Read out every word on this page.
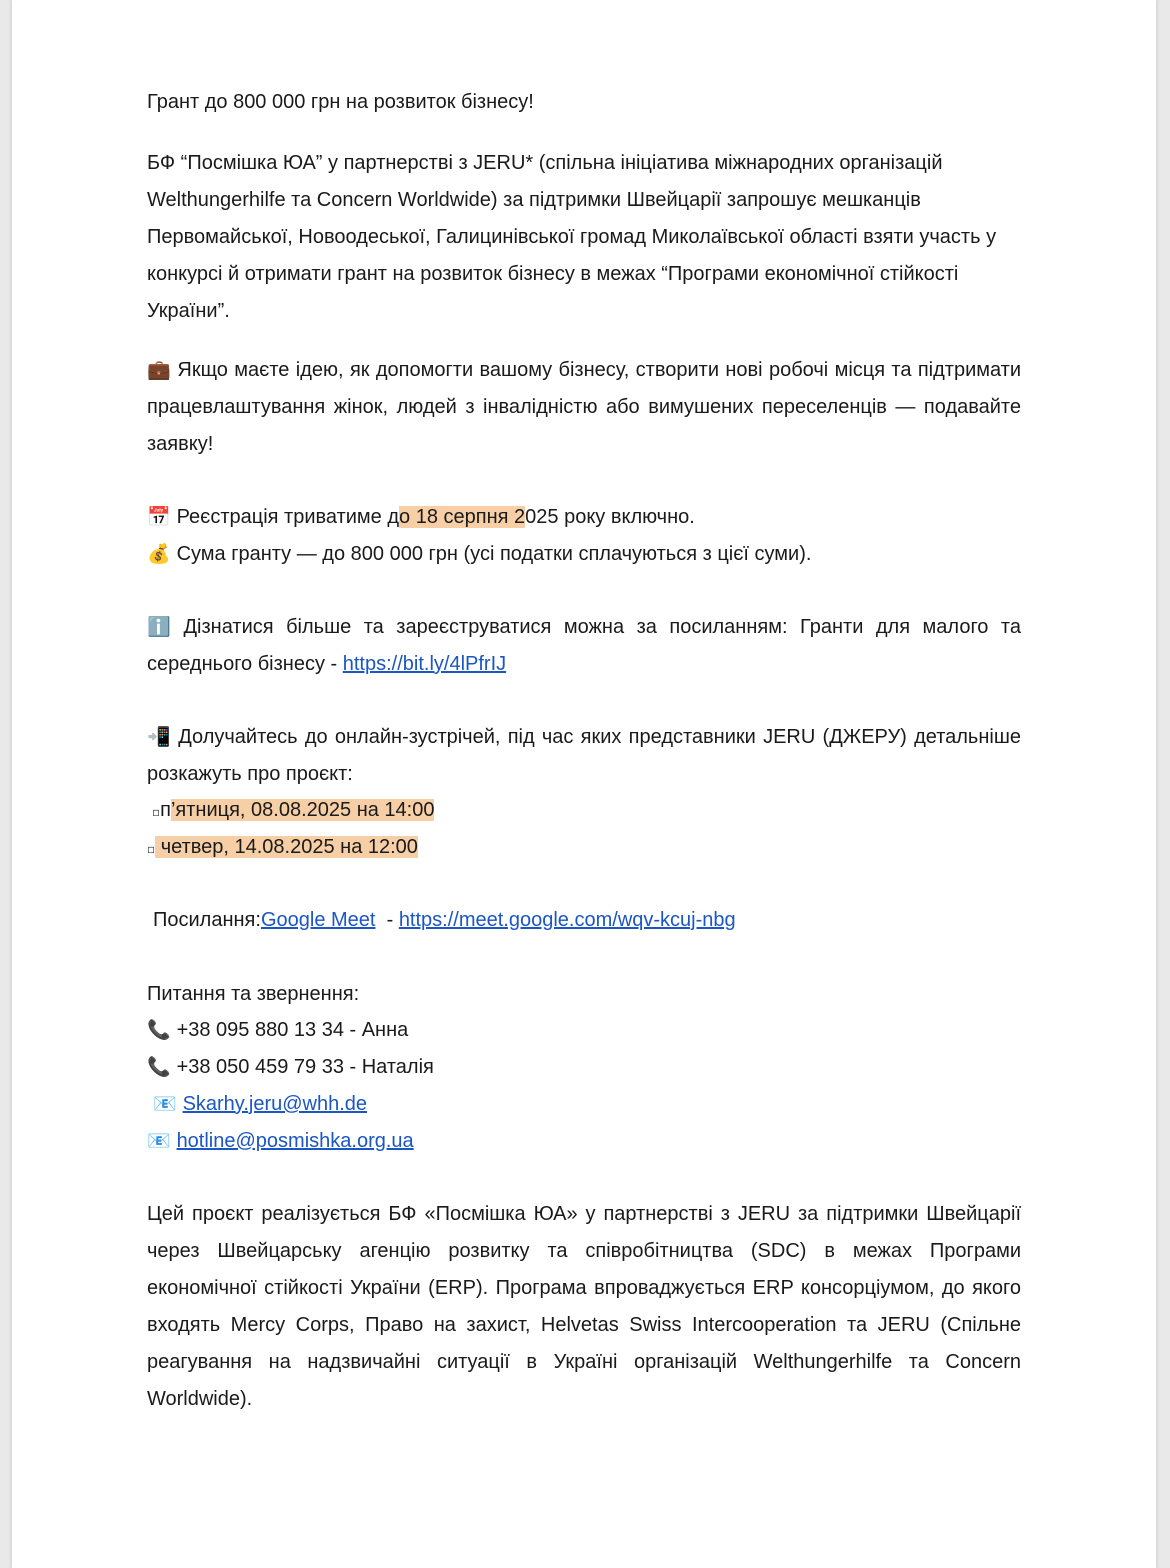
Грант до 800 000 грн на розвиток бізнесу!

БФ “Посмішка ЮА” у партнерстві з JERU* (спільна ініціатива міжнародних організацій Welthungerhilfe та Concern Worldwide) за підтримки Швейцарії запрошує мешканців Первомайської, Новоодеської, Галицинівської громад Миколаївської області взяти участь у конкурсі й отримати грант на розвиток бізнесу в межах “Програми економічної стійкості України”.

💼 Якщо маєте ідею, як допомогти вашому бізнесу, створити нові робочі місця та підтримати працевлаштування жінок, людей з інвалідністю або вимушених переселенців — подавайте заявку!

📅 Реєстрація триватиме до 18 серпня 2025 року включно.

💰 Сума гранту — до 800 000 грн (усі податки сплачуються з цієї суми).

ℹ️ Дізнатися більше та зареєструватися можна за посиланням: Гранти для малого та середнього бізнесу - https://bit.ly/4lPfrIJ

📲 Долучайтесь до онлайн-зустрічей, під час яких представники JERU (ДЖЕРУ) детальніше розкажуть про проєкт:

▫п’ятниця, 08.08.2025 на 14:00

▫ четвер, 14.08.2025 на 12:00

Посилання:Google Meet  - https://meet.google.com/wqv-kcuj-nbg

Питання та звернення:

📞 +38 095 880 13 34 - Анна

📞 +38 050 459 79 33 - Наталія

📧 Skarhy.jeru@whh.de

📧 hotline@posmishka.org.ua

Цей проєкт реалізується БФ «Посмішка ЮА» у партнерстві з JERU за підтримки Швейцарії через Швейцарську агенцію розвитку та співробітництва (SDC) в межах Програми економічної стійкості України (ERP). Програма впроваджується ERP консорціумом, до якого входять Mercy Corps, Право на захист, Helvetas Swiss Intercooperation та JERU (Спільне реагування на надзвичайні ситуації в Україні організацій Welthungerhilfe та Concern Worldwide).
